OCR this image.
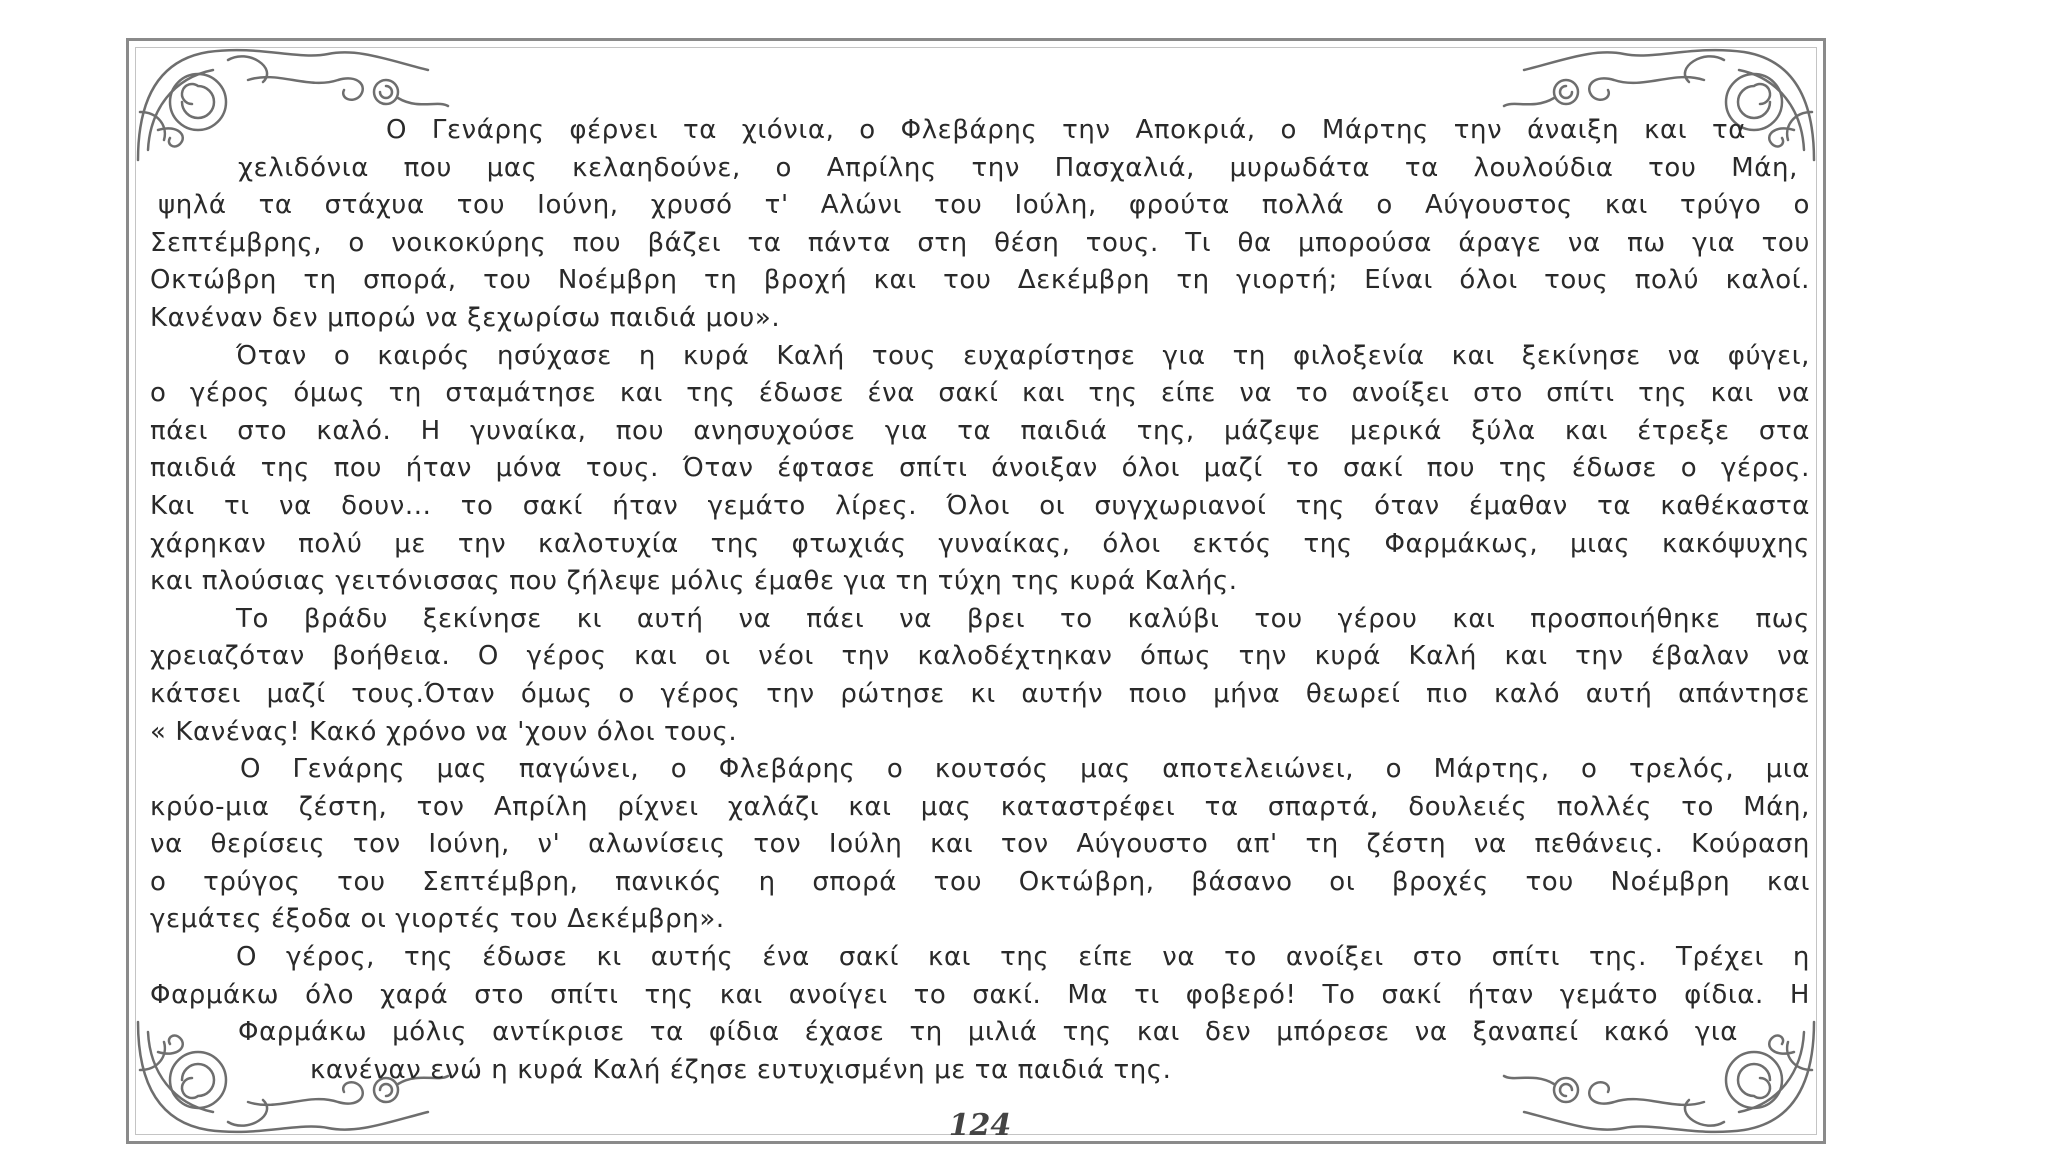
Ο Γενάρης φέρνει τα χιόνια, ο Φλεβάρης την Αποκριά, ο Μάρτης την άναιξη και τα
χελιδόνια που μας κελαηδούνε, ο Απρίλης την Πασχαλιά, μυρωδάτα τα λουλούδια του Μάη,
ψηλά τα στάχυα του Ιούνη, χρυσό τ' Αλώνι του Ιούλη, φρούτα πολλά ο Αύγουστος και τρύγο ο
Σεπτέμβρης, ο νοικοκύρης που βάζει τα πάντα στη θέση τους. Τι θα μπορούσα άραγε να πω για του
Οκτώβρη τη σπορά, του Νοέμβρη τη βροχή και του Δεκέμβρη τη γιορτή; Είναι όλοι τους πολύ καλοί.
Κανέναν δεν μπορώ να ξεχωρίσω παιδιά μου».
Όταν ο καιρός ησύχασε η κυρά Καλή τους ευχαρίστησε για τη φιλοξενία και ξεκίνησε να φύγει,
ο γέρος όμως τη σταμάτησε και της έδωσε ένα σακί και της είπε να το ανοίξει στο σπίτι της και να
πάει στο καλό. Η γυναίκα, που ανησυχούσε για τα παιδιά της, μάζεψε μερικά ξύλα και έτρεξε στα
παιδιά της που ήταν μόνα τους. Όταν έφτασε σπίτι άνοιξαν όλοι μαζί το σακί που της έδωσε ο γέρος.
Και τι να δουν... το σακί ήταν γεμάτο λίρες. Όλοι οι συγχωριανοί της όταν έμαθαν τα καθέκαστα
χάρηκαν πολύ με την καλοτυχία της φτωχιάς γυναίκας, όλοι εκτός της Φαρμάκως, μιας κακόψυχης
και πλούσιας γειτόνισσας που ζήλεψε μόλις έμαθε για τη τύχη της κυρά Καλής.
Το βράδυ ξεκίνησε κι αυτή να πάει να βρει το καλύβι του γέρου και προσποιήθηκε πως
χρειαζόταν βοήθεια. Ο γέρος και οι νέοι την καλοδέχτηκαν όπως την κυρά Καλή και την έβαλαν να
κάτσει μαζί τους.Όταν όμως ο γέρος την ρώτησε κι αυτήν ποιο μήνα θεωρεί πιο καλό αυτή απάντησε
« Κανένας! Κακό χρόνο να 'χουν όλοι τους.
Ο Γενάρης μας παγώνει, ο Φλεβάρης ο κουτσός μας αποτελειώνει, ο Μάρτης, ο τρελός, μια
κρύο-μια ζέστη, τον Απρίλη ρίχνει χαλάζι και μας καταστρέφει τα σπαρτά, δουλειές πολλές το Μάη,
να θερίσεις τον Ιούνη, ν' αλωνίσεις τον Ιούλη και τον Αύγουστο απ' τη ζέστη να πεθάνεις. Κούραση
ο τρύγος του Σεπτέμβρη, πανικός η σπορά του Οκτώβρη, βάσανο οι βροχές του Νοέμβρη και
γεμάτες έξοδα οι γιορτές του Δεκέμβρη».
Ο γέρος, της έδωσε κι αυτής ένα σακί και της είπε να το ανοίξει στο σπίτι της. Τρέχει η
Φαρμάκω όλο χαρά στο σπίτι της και ανοίγει το σακί. Μα τι φοβερό! Το σακί ήταν γεμάτο φίδια. Η
Φαρμάκω μόλις αντίκρισε τα φίδια έχασε τη μιλιά της και δεν μπόρεσε να ξαναπεί κακό για
κανέναν ενώ η κυρά Καλή έζησε ευτυχισμένη με τα παιδιά της.
124
